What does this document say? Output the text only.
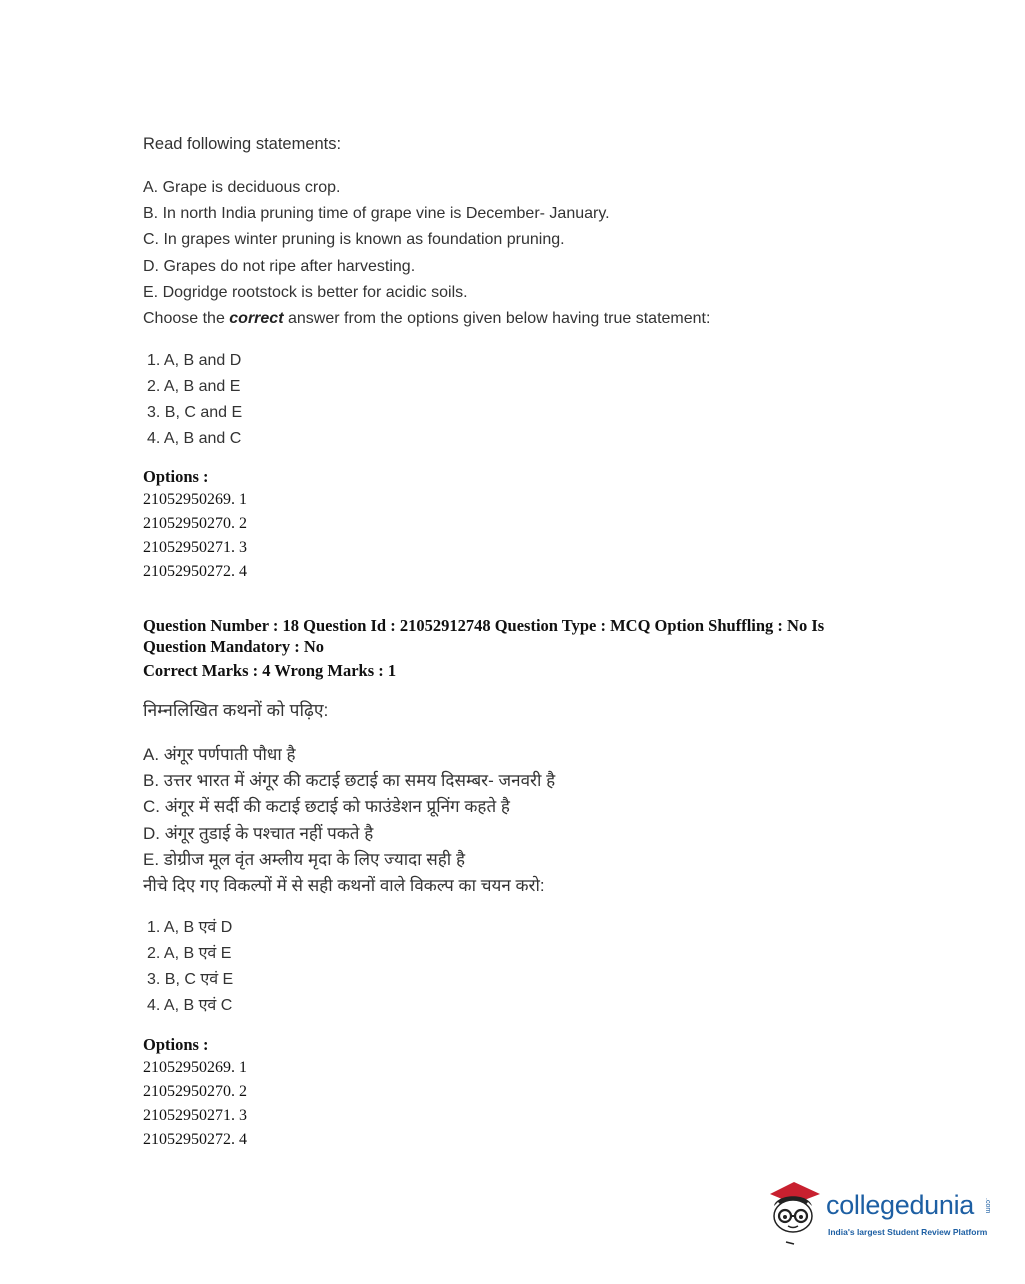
Read following statements:

A. Grape is deciduous crop.

B. In north India pruning time of grape vine is December- January.

C. In grapes winter pruning is known as foundation pruning.

D. Grapes do not ripe after harvesting.

E. Dogridge rootstock is better for acidic soils.

Choose the correct answer from the options given below having true statement:

1. A, B and D

2. A, B and E

3. B, C and E

4. A, B and C

Options :

21052950269. 1

21052950270. 2

21052950271. 3

21052950272. 4

Question Number : 18 Question Id : 21052912748 Question Type : MCQ Option Shuffling : No Is

Question Mandatory : No

Correct Marks : 4 Wrong Marks : 1

निम्नलिखित कथनों को पढ़िए:

A. अंगूर पर्णपाती पौधा है

B. उत्तर भारत में अंगूर की कटाई छटाई का समय दिसम्बर- जनवरी है

C. अंगूर में सर्दी की कटाई छटाई को फाउंडेशन प्रूनिंग कहते है

D. अंगूर तुडाई के पश्चात नहीं पकते है

E. डोग्रीज मूल वृंत अम्लीय मृदा के लिए ज्यादा सही है

नीचे दिए गए विकल्पों में से सही कथनों वाले विकल्प का चयन करो:

1. A, B एवं D

2. A, B एवं E

3. B, C एवं E

4. A, B एवं C

Options :

21052950269. 1

21052950270. 2

21052950271. 3

21052950272. 4

collegedunia .com
India's largest Student Review Platform
